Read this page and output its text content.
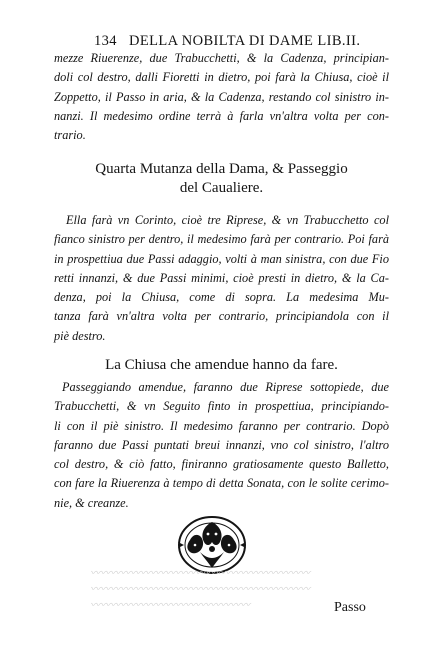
134 DELLA NOBILTA DI DAME LIB.II.
mezze Riuerenze, due Trabucchetti, & la Cadenza, principian-
doli col destro, dalli Fioretti in dietro, poi farà la Chiusa, cioè il
Zoppetto, il Passo in aria, & la Cadenza, restando col sinistro in-
nanzi. Il medesimo ordine terrà à farla vn'altra volta per con-
trario.
Quarta Mutanza della Dama, & Passeggio
del Caualiere.
Ella farà vn Corinto, cioè tre Riprese, & vn Trabucchetto col
fianco sinistro per dentro, il medesimo farà per contrario. Poi farà
in prospettiua due Passi adaggio, volti à man sinistra, con due Fio
retti innanzi, & due Passi minimi, cioè presti in dietro, & la Ca-
denza, poi la Chiusa, come di sopra. La medesima Mu-
tanza farà vn'altra volta per contrario, principiandola con il
piè destro.
La Chiusa che amendue hanno da fare.
Passeggiando amendue, faranno due Riprese sottopiede, due
Trabucchetti, & vn Seguito finto in prospettiua, principiando-
li con il piè sinistro. Il medesimo faranno per contrario. Dopò
faranno due Passi puntati breui innanzi, vno col sinistro, l'altro
col destro, & ciò fatto, finiranno gratiosamente questo Balletto,
con fare la Riuerenza à tempo di detta Sonata, con le solite cerimo-
nie, & creanze.
〰〰〰〰〰〰〰〰〰〰〰〰〰〰〰〰〰〰〰〰〰〰
〰〰〰〰〰〰〰〰〰〰〰〰〰〰〰〰〰〰〰〰〰〰
〰〰〰〰〰〰〰〰〰〰〰〰〰〰〰〰	Passo
